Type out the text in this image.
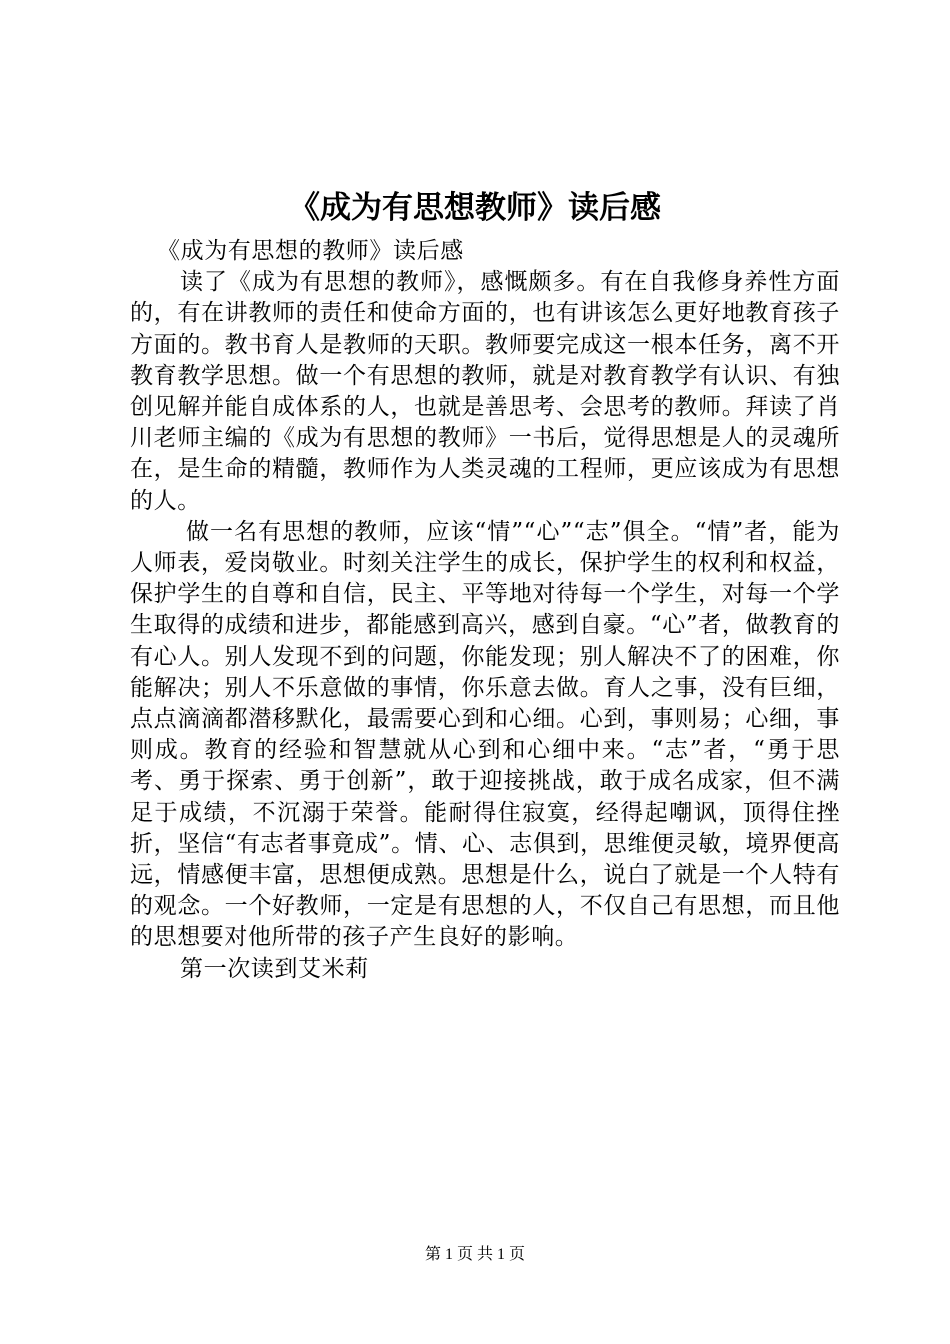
《成为有思想教师》读后感

《成为有思想的教师》读后感

读了《成为有思想的教师》，感慨颇多。有在自我修身养性方面的，有在讲教师的责任和使命方面的，也有讲该怎么更好地教育孩子方面的。教书育人是教师的天职。教师要完成这一根本任务，离不开教育教学思想。做一个有思想的教师，就是对教育教学有认识、有独创见解并能自成体系的人，也就是善思考、会思考的教师。拜读了肖川老师主编的《成为有思想的教师》一书后，觉得思想是人的灵魂所在，是生命的精髓，教师作为人类灵魂的工程师，更应该成为有思想的人。

做一名有思想的教师，应该“情”“心”“志”俱全。“情”者，能为人师表，爱岗敬业。时刻关注学生的成长，保护学生的权利和权益，保护学生的自尊和自信，民主、平等地对待每一个学生，对每一个学生取得的成绩和进步，都能感到高兴，感到自豪。“心”者，做教育的有心人。别人发现不到的问题，你能发现；别人解决不了的困难，你能解决；别人不乐意做的事情，你乐意去做。育人之事，没有巨细，点点滴滴都潜移默化，最需要心到和心细。心到，事则易；心细，事则成。教育的经验和智慧就从心到和心细中来。“志”者，“勇于思考、勇于探索、勇于创新”，敢于迎接挑战，敢于成名成家，但不满足于成绩，不沉溺于荣誉。能耐得住寂寞，经得起嘲讽，顶得住挫折，坚信“有志者事竟成”。情、心、志俱到，思维便灵敏，境界便高远，情感便丰富，思想便成熟。思想是什么，说白了就是一个人特有的观念。一个好教师，一定是有思想的人，不仅自己有思想，而且他的思想要对他所带的孩子产生良好的影响。

第一次读到艾米莉

第 1 页 共 1 页
